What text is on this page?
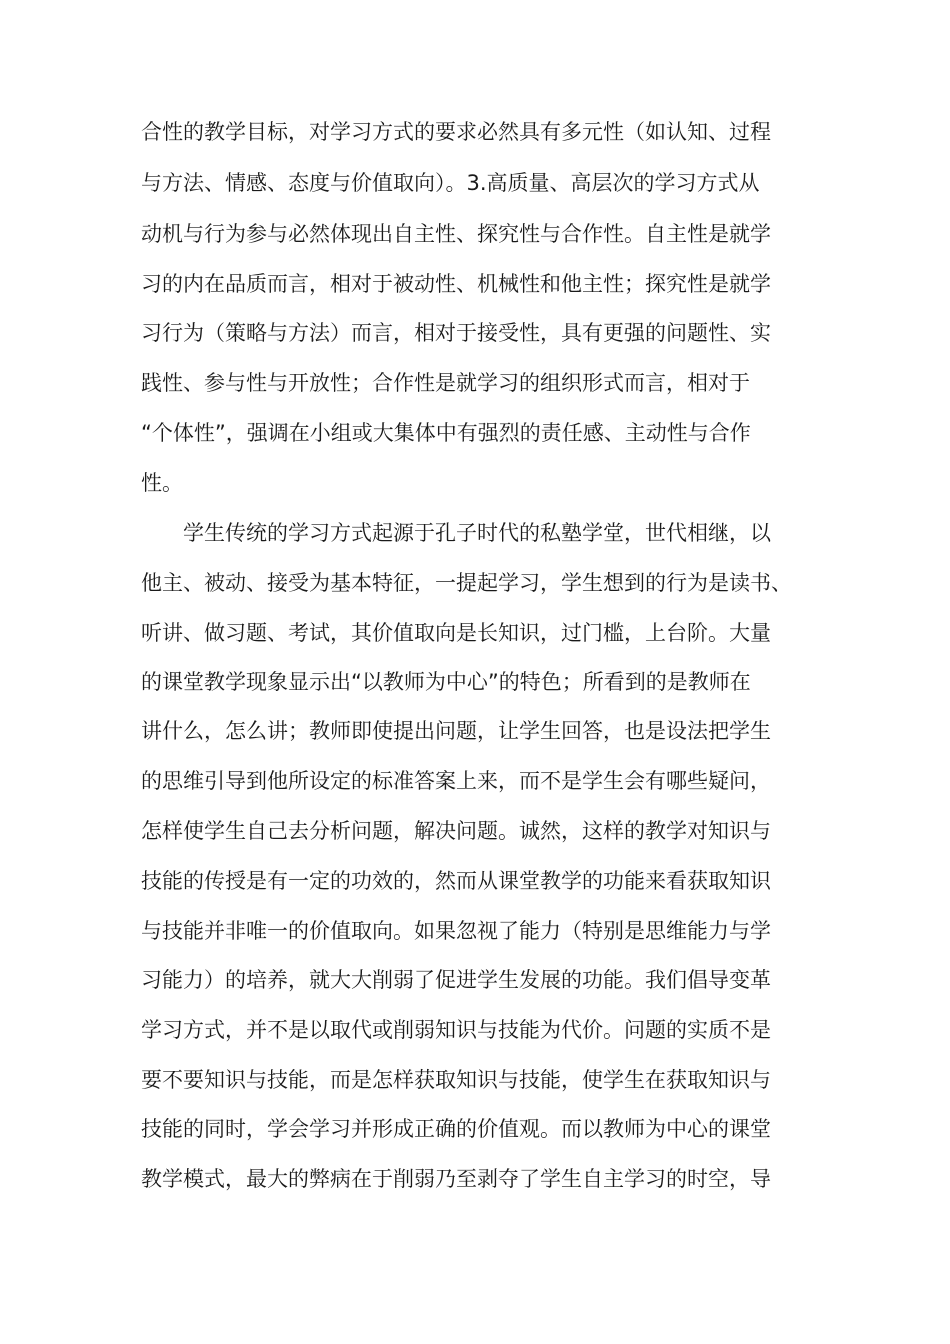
合性的教学目标，对学习方式的要求必然具有多元性（如认知、过程
与方法、情感、态度与价值取向）。3.高质量、高层次的学习方式从
动机与行为参与必然体现出自主性、探究性与合作性。自主性是就学
习的内在品质而言，相对于被动性、机械性和他主性；探究性是就学
习行为（策略与方法）而言，相对于接受性，具有更强的问题性、实
践性、参与性与开放性；合作性是就学习的组织形式而言，相对于
“个体性”，强调在小组或大集体中有强烈的责任感、主动性与合作
性。
学生传统的学习方式起源于孔子时代的私塾学堂，世代相继，以
他主、被动、接受为基本特征，一提起学习，学生想到的行为是读书、
听讲、做习题、考试，其价值取向是长知识，过门槛，上台阶。大量
的课堂教学现象显示出“以教师为中心”的特色；所看到的是教师在
讲什么，怎么讲；教师即使提出问题，让学生回答，也是设法把学生
的思维引导到他所设定的标准答案上来，而不是学生会有哪些疑问，
怎样使学生自己去分析问题，解决问题。诚然，这样的教学对知识与
技能的传授是有一定的功效的，然而从课堂教学的功能来看获取知识
与技能并非唯一的价值取向。如果忽视了能力（特别是思维能力与学
习能力）的培养，就大大削弱了促进学生发展的功能。我们倡导变革
学习方式，并不是以取代或削弱知识与技能为代价。问题的实质不是
要不要知识与技能，而是怎样获取知识与技能，使学生在获取知识与
技能的同时，学会学习并形成正确的价值观。而以教师为中心的课堂
教学模式，最大的弊病在于削弱乃至剥夺了学生自主学习的时空，导
